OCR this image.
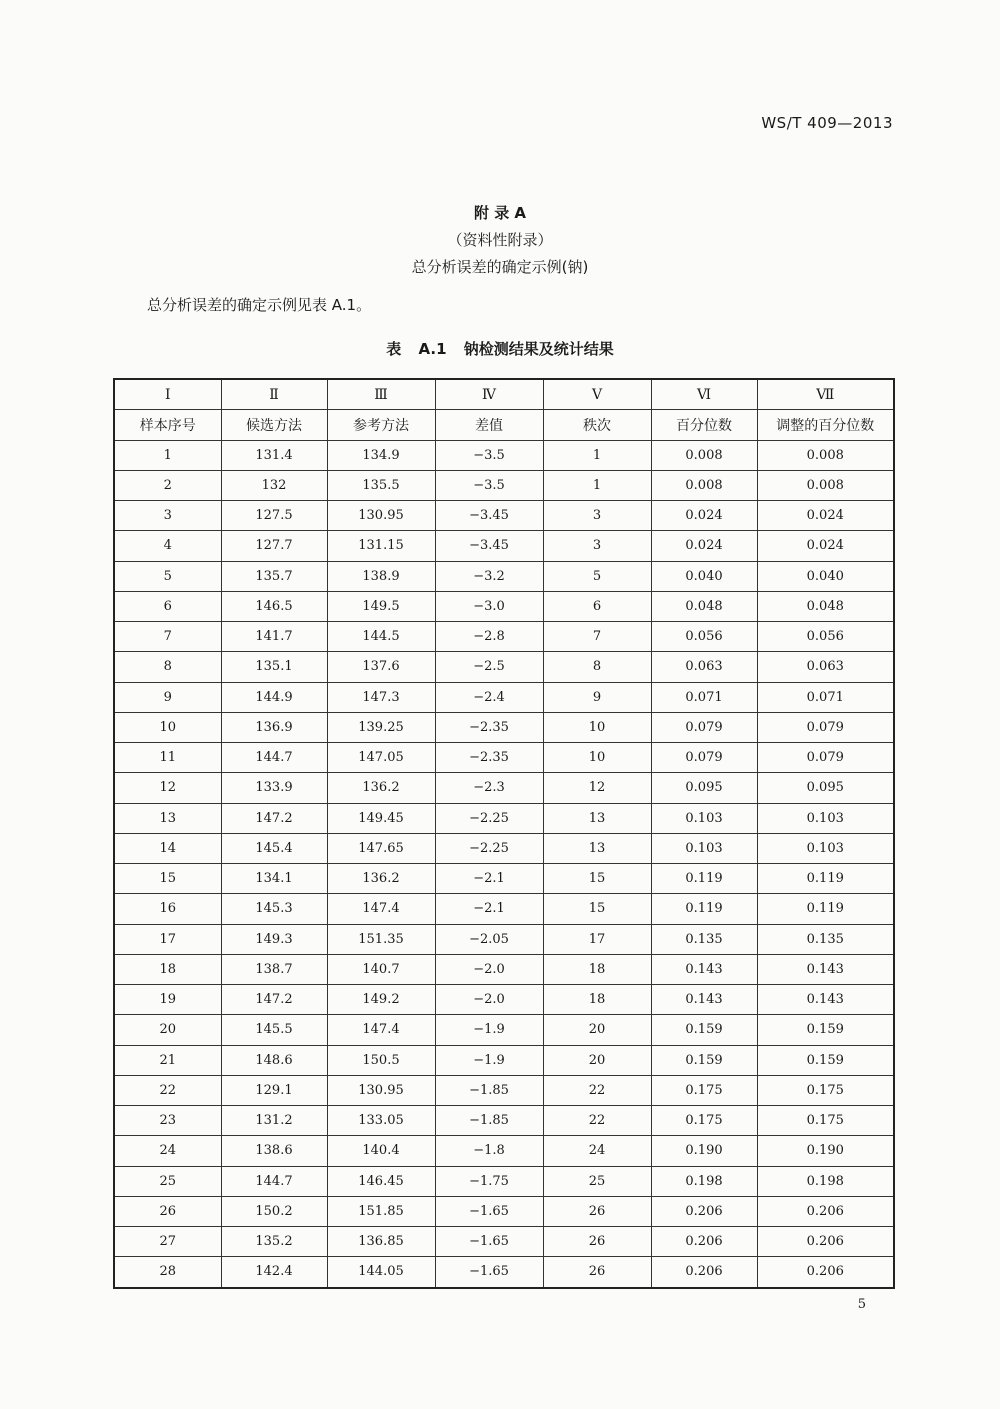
WS/T 409—2013
附 录 A
（资料性附录）
总分析误差的确定示例(钠)
总分析误差的确定示例见表 A.1。
表 A.1 钠检测结果及统计结果
Ⅰ	Ⅱ	Ⅲ	Ⅳ	Ⅴ	Ⅵ	Ⅶ
样本序号	候选方法	参考方法	差值	秩次	百分位数	调整的百分位数
1	131.4	134.9	−3.5	1	0.008	0.008
2	132	135.5	−3.5	1	0.008	0.008
3	127.5	130.95	−3.45	3	0.024	0.024
4	127.7	131.15	−3.45	3	0.024	0.024
5	135.7	138.9	−3.2	5	0.040	0.040
6	146.5	149.5	−3.0	6	0.048	0.048
7	141.7	144.5	−2.8	7	0.056	0.056
8	135.1	137.6	−2.5	8	0.063	0.063
9	144.9	147.3	−2.4	9	0.071	0.071
10	136.9	139.25	−2.35	10	0.079	0.079
11	144.7	147.05	−2.35	10	0.079	0.079
12	133.9	136.2	−2.3	12	0.095	0.095
13	147.2	149.45	−2.25	13	0.103	0.103
14	145.4	147.65	−2.25	13	0.103	0.103
15	134.1	136.2	−2.1	15	0.119	0.119
16	145.3	147.4	−2.1	15	0.119	0.119
17	149.3	151.35	−2.05	17	0.135	0.135
18	138.7	140.7	−2.0	18	0.143	0.143
19	147.2	149.2	−2.0	18	0.143	0.143
20	145.5	147.4	−1.9	20	0.159	0.159
21	148.6	150.5	−1.9	20	0.159	0.159
22	129.1	130.95	−1.85	22	0.175	0.175
23	131.2	133.05	−1.85	22	0.175	0.175
24	138.6	140.4	−1.8	24	0.190	0.190
25	144.7	146.45	−1.75	25	0.198	0.198
26	150.2	151.85	−1.65	26	0.206	0.206
27	135.2	136.85	−1.65	26	0.206	0.206
28	142.4	144.05	−1.65	26	0.206	0.206
5
